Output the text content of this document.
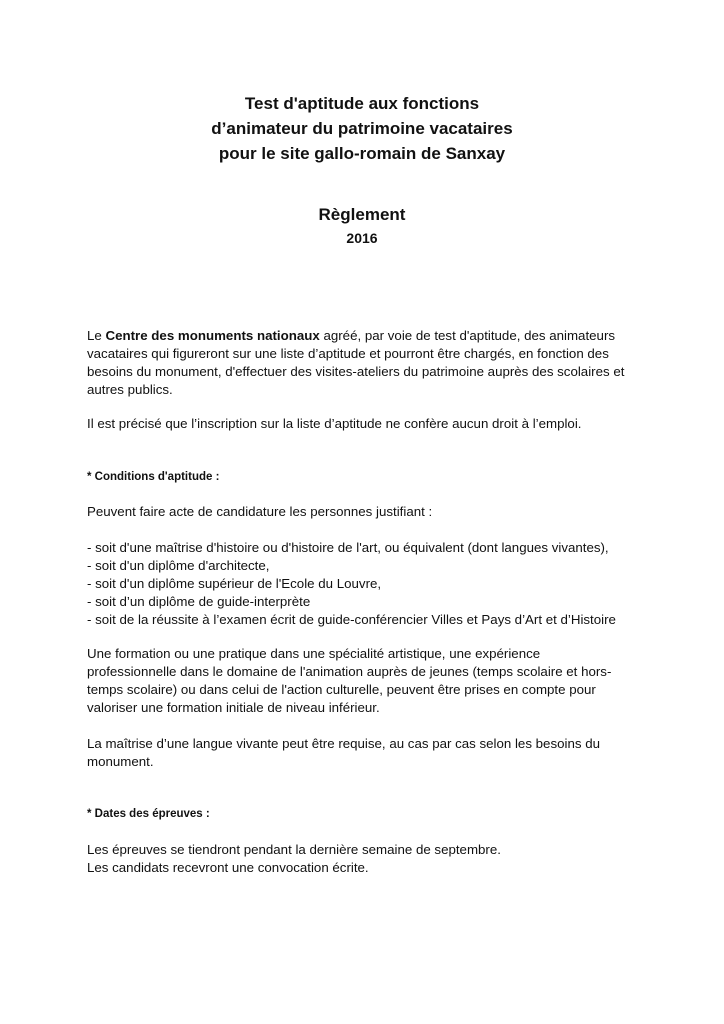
Test d'aptitude aux fonctions
d’animateur du patrimoine vacataires
pour le site gallo-romain de Sanxay
Règlement
2016

Le Centre des monuments nationaux agréé, par voie de test d'aptitude, des animateurs vacataires qui figureront sur une liste d’aptitude et pourront être chargés, en fonction des besoins du monument, d'effectuer des visites-ateliers du patrimoine auprès des scolaires et autres publics.

Il est précisé que l’inscription sur la liste d’aptitude ne confère aucun droit à l’emploi.

* Conditions d'aptitude :

Peuvent faire acte de candidature les personnes justifiant :

- soit d'une maîtrise d'histoire ou d'histoire de l'art, ou équivalent (dont langues vivantes),
- soit d'un diplôme d'architecte,
- soit d'un diplôme supérieur de l'Ecole du Louvre,
- soit d’un diplôme de guide-interprète
- soit de la réussite à l’examen écrit de guide-conférencier Villes et Pays d’Art et d’Histoire

Une formation ou une pratique dans une spécialité artistique, une expérience
professionnelle dans le domaine de l'animation auprès de jeunes (temps scolaire et hors-
temps scolaire) ou dans celui de l'action culturelle, peuvent être prises en compte pour
valoriser une formation initiale de niveau inférieur.

La maîtrise d’une langue vivante peut être requise, au cas par cas selon les besoins du
monument.

* Dates des épreuves :

Les épreuves se tiendront pendant la dernière semaine de septembre.
Les candidats recevront une convocation écrite.
